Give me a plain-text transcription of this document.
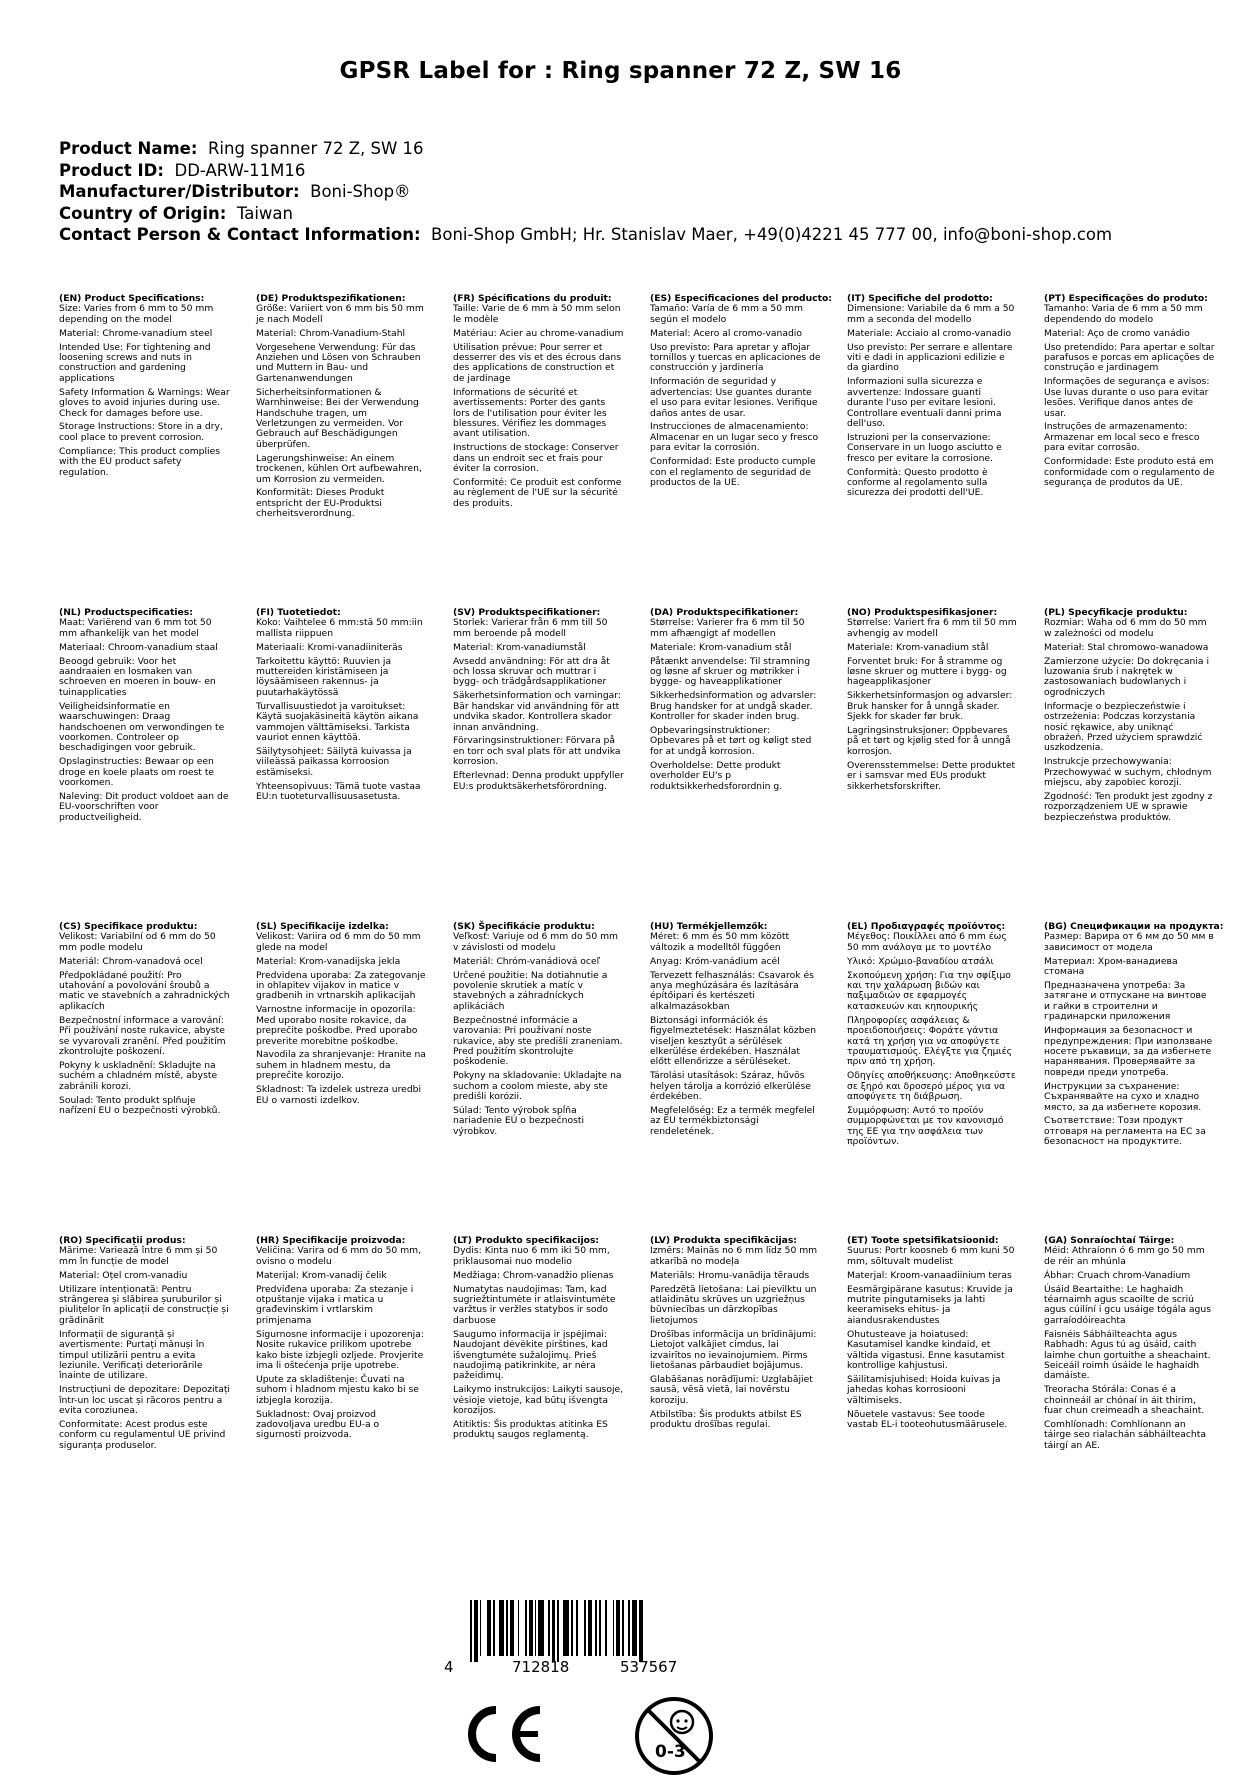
GPSR Label for : Ring spanner 72 Z, SW 16
Product Name: Ring spanner 72 Z, SW 16
Product ID: DD-ARW-11M16
Manufacturer/Distributor: Boni-Shop®
Country of Origin: Taiwan
Contact Person & Contact Information: Boni-Shop GmbH; Hr. Stanislav Maer, +49(0)4221 45 777 00, info@boni-shop.com
(EN) Product Specifications:
Size: Varies from 6 mm to 50 mm depending on the model
Material: Chrome-vanadium steel
Intended Use: For tightening and loosening screws and nuts in construction and gardening applications
Safety Information & Warnings: Wear gloves to avoid injuries during use. Check for damages before use.
Storage Instructions: Store in a dry, cool place to prevent corrosion.
Compliance: This product complies with the EU product safety regulation.
(DE) Produktspezifikationen:
Größe: Variiert von 6 mm bis 50 mm je nach Modell
Material: Chrom-Vanadium-Stahl
Vorgesehene Verwendung: Für das Anziehen und Lösen von Schrauben und Muttern in Bau- und Gartenanwendungen
Sicherheitsinformationen & Warnhinweise: Bei der Verwendung Handschuhe tragen, um Verletzungen zu vermeiden. Vor Gebrauch auf Beschädigungen überprüfen.
Lagerungshinweise: An einem trockenen, kühlen Ort aufbewahren, um Korrosion zu vermeiden.
Konformität: Dieses Produkt entspricht der EU-Produktsi cherheitsverordnung.
(FR) Spécifications du produit:
Taille: Varie de 6 mm à 50 mm selon le modèle
Matériau: Acier au chrome-vanadium
Utilisation prévue: Pour serrer et desserrer des vis et des écrous dans des applications de construction et de jardinage
Informations de sécurité et avertissements: Porter des gants lors de l'utilisation pour éviter les blessures. Vérifiez les dommages avant utilisation.
Instructions de stockage: Conserver dans un endroit sec et frais pour éviter la corrosion.
Conformité: Ce produit est conforme au règlement de l'UE sur la sécurité des produits.
(ES) Especificaciones del producto:
Tamaño: Varía de 6 mm a 50 mm según el modelo
Material: Acero al cromo-vanadio
Uso previsto: Para apretar y aflojar tornillos y tuercas en aplicaciones de construcción y jardinería
Información de seguridad y advertencias: Use guantes durante el uso para evitar lesiones. Verifique daños antes de usar.
Instrucciones de almacenamiento: Almacenar en un lugar seco y fresco para evitar la corrosión.
Conformidad: Este producto cumple con el reglamento de seguridad de productos de la UE.
(IT) Specifiche del prodotto:
Dimensione: Variabile da 6 mm a 50 mm a seconda del modello
Materiale: Acciaio al cromo-vanadio
Uso previsto: Per serrare e allentare viti e dadi in applicazioni edilizie e da giardino
Informazioni sulla sicurezza e avvertenze: Indossare guanti durante l'uso per evitare lesioni. Controllare eventuali danni prima dell'uso.
Istruzioni per la conservazione: Conservare in un luogo asciutto e fresco per evitare la corrosione.
Conformità: Questo prodotto è conforme al regolamento sulla sicurezza dei prodotti dell'UE.
(PT) Especificações do produto:
Tamanho: Varia de 6 mm a 50 mm dependendo do modelo
Material: Aço de cromo vanádio
Uso pretendido: Para apertar e soltar parafusos e porcas em aplicações de construção e jardinagem
Informações de segurança e avisos: Use luvas durante o uso para evitar lesões. Verifique danos antes de usar.
Instruções de armazenamento: Armazenar em local seco e fresco para evitar corrosão.
Conformidade: Este produto está em conformidade com o regulamento de segurança de produtos da UE.
(NL) Productspecificaties:
Maat: Variërend van 6 mm tot 50 mm afhankelijk van het model
Materiaal: Chroom-vanadium staal
Beoogd gebruik: Voor het aandraaien en losmaken van schroeven en moeren in bouw- en tuinapplicaties
Veiligheidsinformatie en waarschuwingen: Draag handschoenen om verwondingen te voorkomen. Controleer op beschadigingen voor gebruik.
Opslaginstructies: Bewaar op een droge en koele plaats om roest te voorkomen.
Naleving: Dit product voldoet aan de EU-voorschriften voor productveiligheid.
(FI) Tuotetiedot:
Koko: Vaihtelee 6 mm:stä 50 mm:iin mallista riippuen
Materiaali: Kromi-vanadiiniteräs
Tarkoitettu käyttö: Ruuvien ja muttereiden kiristämiseen ja löysäämiseen rakennus- ja puutarhakäytössä
Turvallisuustiedot ja varoitukset: Käytä suojakäsineitä käytön aikana vammojen välttämiseksi. Tarkista vauriot ennen käyttöä.
Säilytysohjeet: Säilytä kuivassa ja viileässä paikassa korroosion estämiseksi.
Yhteensopivuus: Tämä tuote vastaa EU:n tuoteturvallisuusasetusta.
(SV) Produktspecifikationer:
Storlek: Varierar från 6 mm till 50 mm beroende på modell
Material: Krom-vanadiumstål
Avsedd användning: För att dra åt och lossa skruvar och muttrar i bygg- och trädgårdsapplikationer
Säkerhetsinformation och varningar: Bär handskar vid användning för att undvika skador. Kontrollera skador innan användning.
Förvaringsinstruktioner: Förvara på en torr och sval plats för att undvika korrosion.
Efterlevnad: Denna produkt uppfyller EU:s produktsäkerhetsförordning.
(DA) Produktspecifikationer:
Størrelse: Varierer fra 6 mm til 50 mm afhængigt af modellen
Materiale: Krom-vanadium stål
Påtænkt anvendelse: Til stramning og løsne af skruer og møtrikker i bygge- og haveapplikationer
Sikkerhedsinformation og advarsler: Brug handsker for at undgå skader. Kontroller for skader inden brug.
Opbevaringsinstruktioner: Opbevares på et tørt og køligt sted for at undgå korrosion.
Overholdelse: Dette produkt overholder EU's p roduktsikkerhedsforordnin g.
(NO) Produktspesifikasjoner:
Størrelse: Variert fra 6 mm til 50 mm avhengig av modell
Materiale: Krom-vanadium stål
Forventet bruk: For å stramme og løsne skruer og muttere i bygg- og hageapplikasjoner
Sikkerhetsinformasjon og advarsler: Bruk hansker for å unngå skader. Sjekk for skader før bruk.
Lagringsinstruksjoner: Oppbevares på et tørt og kjølig sted for å unngå korrosjon.
Overensstemmelse: Dette produktet er i samsvar med EUs produkt sikkerhetsforskrifter.
(PL) Specyfikacje produktu:
Rozmiar: Waha od 6 mm do 50 mm w zależności od modelu
Materiał: Stal chromowo-wanadowa
Zamierzone użycie: Do dokręcania i luzowania śrub i nakrętek w zastosowaniach budowlanych i ogrodniczych
Informacje o bezpieczeństwie i ostrzeżenia: Podczas korzystania nosić rękawice, aby uniknąć obrażeń. Przed użyciem sprawdzić uszkodzenia.
Instrukcje przechowywania: Przechowywać w suchym, chłodnym miejscu, aby zapobiec korozji.
Zgodność: Ten produkt jest zgodny z rozporządzeniem UE w sprawie bezpieczeństwa produktów.
(CS) Specifikace produktu:
Velikost: Variabilní od 6 mm do 50 mm podle modelu
Materiál: Chrom-vanadová ocel
Předpokládané použití: Pro utahování a povolování šroubů a matic ve stavebních a zahradnických aplikacích
Bezpečnostní informace a varování: Při používání noste rukavice, abyste se vyvarovali zranění. Před použitím zkontrolujte poškození.
Pokyny k uskladnění: Skladujte na suchém a chladném místě, abyste zabránili korozi.
Soulad: Tento produkt splňuje nařízení EU o bezpečnosti výrobků.
(SL) Specifikacije izdelka:
Velikost: Variira od 6 mm do 50 mm glede na model
Material: Krom-vanadijska jekla
Predvidena uporaba: Za zategovanje in ohlapitev vijakov in matice v gradbenih in vrtnarskih aplikacijah
Varnostne informacije in opozorila: Med uporabo nosite rokavice, da preprečite poškodbe. Pred uporabo preverite morebitne poškodbe.
Navodila za shranjevanje: Hranite na suhem in hladnem mestu, da preprečite korozijo.
Skladnost: Ta izdelek ustreza uredbi EU o varnosti izdelkov.
(SK) Špecifikácie produktu:
Veľkosť: Variuje od 6 mm do 50 mm v závislosti od modelu
Materiál: Chróm-vanádiová oceľ
Určené použitie: Na dotiahnutie a povolenie skrutiek a matíc v stavebných a záhradníckych aplikáciách
Bezpečnostné informácie a varovania: Pri používaní noste rukavice, aby ste predišli zraneniam. Pred použitím skontrolujte poškodenie.
Pokyny na skladovanie: Ukladajte na suchom a coolom mieste, aby ste predišli korózii.
Súlad: Tento výrobok spĺňa nariadenie EÚ o bezpečnosti výrobkov.
(HU) Termékjellemzők:
Méret: 6 mm és 50 mm között változik a modelltől függően
Anyag: Króm-vanádium acél
Tervezett felhasználás: Csavarok és anya meghúzására és lazítására építőipari és kertészeti alkalmazásokban
Biztonsági információk és figyelmeztetések: Használat közben viseljen kesztyűt a sérülések elkerülése érdekében. Használat előtt ellenőrizze a sérüléseket.
Tárolási utasítások: Száraz, hűvös helyen tárolja a korrózió elkerülése érdekében.
Megfelelőség: Ez a termék megfelel az EU termékbiztonsági rendeletének.
(EL) Προδιαγραφές προϊόντος:
Μέγεθος: Ποικίλλει από 6 mm έως 50 mm ανάλογα με το μοντέλο
Υλικό: Χρώμιο-βαναδίου ατσάλι
Σκοπούμενη χρήση: Για την σφίξιμο και την χαλάρωση βιδών και παξιμαδιών σε εφαρμογές κατασκευών και κηπουρικής
Πληροφορίες ασφάλειας & προειδοποιήσεις: Φοράτε γάντια κατά τη χρήση για να αποφύγετε τραυματισμούς. Ελέγξτε για ζημιές πριν από τη χρήση.
Οδηγίες αποθήκευσης: Αποθηκεύστε σε ξηρό και δροσερό μέρος για να αποφύγετε τη διάβρωση.
Συμμόρφωση: Αυτό το προϊόν συμμορφώνεται με τον κανονισμό της ΕΕ για την ασφάλεια των προϊόντων.
(BG) Спецификации на продукта:
Размер: Варира от 6 мм до 50 мм в зависимост от модела
Материал: Хром-ванадиева стомана
Предназначена употреба: За затягане и отпускане на винтове и гайки в строителни и градинарски приложения
Информация за безопасност и предупреждения: При използване носете ръкавици, за да избегнете наранявания. Проверявайте за повреди преди употреба.
Инструкции за съхранение: Съхранявайте на сухо и хладно място, за да избегнете корозия.
Съответствие: Този продукт отговаря на регламента на ЕС за безопасност на продуктите.
(RO) Specificații produs:
Mărime: Variează între 6 mm și 50 mm în funcție de model
Material: Oțel crom-vanadiu
Utilizare intenționată: Pentru strângerea și slăbirea șuruburilor și piulițelor în aplicații de construcție și grădinărit
Informații de siguranță și avertismente: Purtați mănuși în timpul utilizării pentru a evita leziunile. Verificați deteriorările înainte de utilizare.
Instrucțiuni de depozitare: Depozitați într-un loc uscat și răcoros pentru a evita coroziunea.
Conformitate: Acest produs este conform cu regulamentul UE privind siguranța produselor.
(HR) Specifikacije proizvoda:
Veličina: Varira od 6 mm do 50 mm, ovisno o modelu
Materijal: Krom-vanadij čelik
Predviđena uporaba: Za stezanje i otpuštanje vijaka i matica u građevinskim i vrtlarskim primjenama
Sigurnosne informacije i upozorenja: Nosite rukavice prilikom upotrebe kako biste izbjegli ozljede. Provjerite ima li oštećenja prije upotrebe.
Upute za skladištenje: Čuvati na suhom i hladnom mjestu kako bi se izbjegla korozija.
Sukladnost: Ovaj proizvod zadovoljava uredbu EU-a o sigurnosti proizvoda.
(LT) Produkto specifikacijos:
Dydis: Kinta nuo 6 mm iki 50 mm, priklausomai nuo modelio
Medžiaga: Chrom-vanadžio plienas
Numatytas naudojimas: Tam, kad sugriežtintumėte ir atlaisvintumėte varžtus ir veržles statybos ir sodo darbuose
Saugumo informacija ir įspėjimai: Naudojant dėvėkite pirštines, kad išvengtumėte sužalojimų. Prieš naudojimą patikrinkite, ar nėra pažeidimų.
Laikymo instrukcijos: Laikyti sausoje, vėsioje vietoje, kad būtų išvengta korozijos.
Atitiktis: Šis produktas atitinka ES produktų saugos reglamentą.
(LV) Produkta specifikācijas:
Izmērs: Mainās no 6 mm līdz 50 mm atkarībā no modeļa
Materiāls: Hromu-vanādija tērauds
Paredzētā lietošana: Lai pievilktu un atlaidinātu skrūves un uzgriežņus būvniecības un dārzkopības lietojumos
Drošības informācija un brīdinājumi: Lietojot valkājiet cimdus, lai izvairītos no ievainojumiem. Pirms lietošanas pārbaudiet bojājumus.
Glabāšanas norādījumi: Uzglabājiet sausā, vēsā vietā, lai novērstu koroziju.
Atbilstība: Šis produkts atbilst ES produktu drošības regulai.
(ET) Toote spetsifikatsioonid:
Suurus: Portr koosneb 6 mm kuni 50 mm, sõltuvalt mudelist
Materjal: Kroom-vanaadiinium teras
Eesmärgipärane kasutus: Kruvide ja mutrite pingutamiseks ja lahti keeramiseks ehitus- ja aiandusrakendustes
Ohutusteave ja hoiatused: Kasutamisel kandke kindaid, et vältida vigastusi. Enne kasutamist kontrollige kahjustusi.
Säilitamisjuhised: Hoida kuivas ja jahedas kohas korrosiooni vältimiseks.
Nõuetele vastavus: See toode vastab EL-i tooteohutusmäärusele.
(GA) Sonraíochtaí Táirge:
Méid: Athraíonn ó 6 mm go 50 mm de réir an mhúnla
Ábhar: Cruach chrom-Vanadium
Úsáid Beartaithe: Le haghaidh téarnaimh agus scaoilte de scriú agus cúilíní i gcu usáige tógála agus garraíodóireachta
Faisnéis Sábháilteachta agus Rabhadh: Agus tú ag úsáid, caith laimhe chun gortuithe a sheachaint. Seiceáil roimh úsáide le haghaidh damáiste.
Treoracha Stórála: Conas é a choinneáil ar chónaí in áit thirim, fuar chun creimeadh a sheachaint.
Comhlíonadh: Comhlíonann an táirge seo rialachán sábháilteachta táirgí an AE.
4	712818	537567
0-3
